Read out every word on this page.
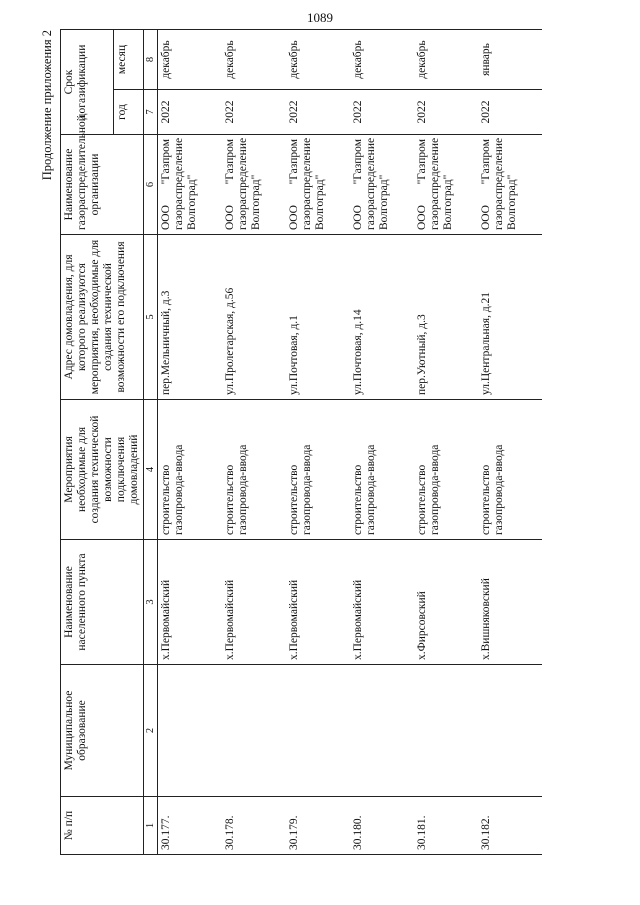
1089
Продолжение приложения 2
№ п/п	Муниципальное образование	Наименование населенного пункта	Мероприятия необходимые для создания технической возможности подключения домовладений	Адрес домовладения, для которого реализуются мероприятия, необходимые для создания технической возможности его подключения	Наименование газораспределительной организации	Срок догазификации	
						год	месяц
1	2	3	4	5	6	7	8
30.177.		х.Первомайский	строительство газопровода-ввода	пер.Мельничный, д.3	ООО "Газпром газораспределение Волгоград"	2022	декабрь
30.178.		х.Первомайский	строительство газопровода-ввода	ул.Пролетарская, д.56	ООО "Газпром газораспределение Волгоград"	2022	декабрь
30.179.		х.Первомайский	строительство газопровода-ввода	ул.Почтовая, д.1	ООО "Газпром газораспределение Волгоград"	2022	декабрь
30.180.		х.Первомайский	строительство газопровода-ввода	ул.Почтовая, д.14	ООО "Газпром газораспределение Волгоград"	2022	декабрь
30.181.		х.Фирсовский	строительство газопровода-ввода	пер.Уютный, д.3	ООО "Газпром газораспределение Волгоград"	2022	декабрь
30.182.		х.Вишняковский	строительство газопровода-ввода	ул.Центральная, д.21	ООО "Газпром газораспределение Волгоград"	2022	январь
